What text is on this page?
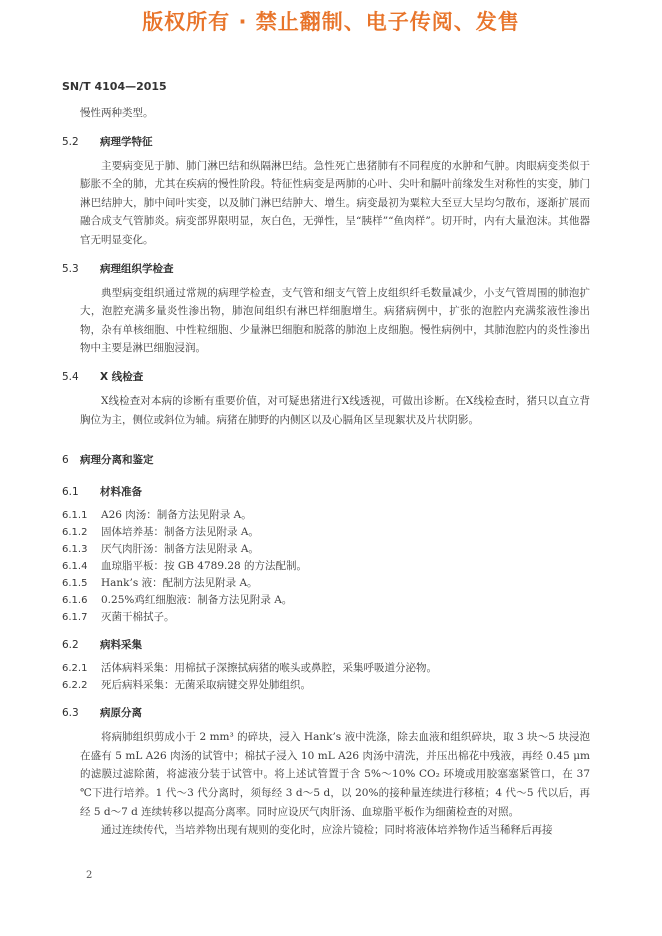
版权所有 · 禁止翻制、电子传阅、发售
SN/T 4104—2015

慢性两种类型。

5.2 病理学特征

主要病变见于肺、肺门淋巴结和纵隔淋巴结。急性死亡患猪肺有不同程度的水肿和气肿。肉眼病变类似于膨胀不全的肺，尤其在疾病的慢性阶段。特征性病变是两肺的心叶、尖叶和膈叶前缘发生对称性的实变，肺门淋巴结肿大，肺中间叶实变，以及肺门淋巴结肿大、增生。病变最初为粟粒大至豆大呈均匀散布，逐渐扩展而融合成支气管肺炎。病变部界限明显，灰白色，无弹性，呈“胰样”“鱼肉样”。切开时，内有大量泡沫。其他器官无明显变化。

5.3 病理组织学检查

典型病变组织通过常规的病理学检查，支气管和细支气管上皮组织纤毛数量减少，小支气管周围的肺泡扩大，泡腔充满多量炎性渗出物，肺泡间组织有淋巴样细胞增生。病猪病例中，扩张的泡腔内充满浆液性渗出物，杂有单核细胞、中性粒细胞、少量淋巴细胞和脱落的肺泡上皮细胞。慢性病例中，其肺泡腔内的炎性渗出物中主要是淋巴细胞浸润。

5.4 X 线检查

X线检查对本病的诊断有重要价值，对可疑患猪进行X线透视，可做出诊断。在X线检查时，猪只以直立背胸位为主，侧位或斜位为辅。病猪在肺野的内侧区以及心膈角区呈现絮状及片状阴影。

6 病理分离和鉴定
6.1 材料准备
6.1.1 A26 肉汤：制备方法见附录 A。
6.1.2 固体培养基：制备方法见附录 A。
6.1.3 厌气肉肝汤：制备方法见附录 A。
6.1.4 血琼脂平板：按 GB 4789.28 的方法配制。
6.1.5 Hank’s 液：配制方法见附录 A。
6.1.6 0.25%鸡红细胞液：制备方法见附录 A。
6.1.7 灭菌干棉拭子。
6.2 病料采集
6.2.1 活体病料采集：用棉拭子深擦拭病猪的喉头或鼻腔，采集呼吸道分泌物。
6.2.2 死后病料采集：无菌采取病键交界处肺组织。
6.3 病原分离

将病肺组织剪成小于 2 mm³ 的碎块，浸入 Hank’s 液中洗涤，除去血液和组织碎块，取 3 块～5 块浸泡在盛有 5 mL A26 肉汤的试管中；棉拭子浸入 10 mL A26 肉汤中清洗，并压出棉花中残液，再经 0.45 μm 的滤膜过滤除菌，将滤液分装于试管中。将上述试管置于含 5%～10% CO₂ 环境或用胶塞塞紧管口，在 37 ℃下进行培养。1 代～3 代分离时，须每经 3 d～5 d，以 20%的接种量连续进行移植；4 代～5 代以后，再经 5 d～7 d 连续转移以提高分离率。同时应设厌气肉肝汤、血琼脂平板作为细菌检查的对照。

通过连续传代，当培养物出现有规则的变化时，应涂片镜检；同时将液体培养物作适当稀释后再接

2
